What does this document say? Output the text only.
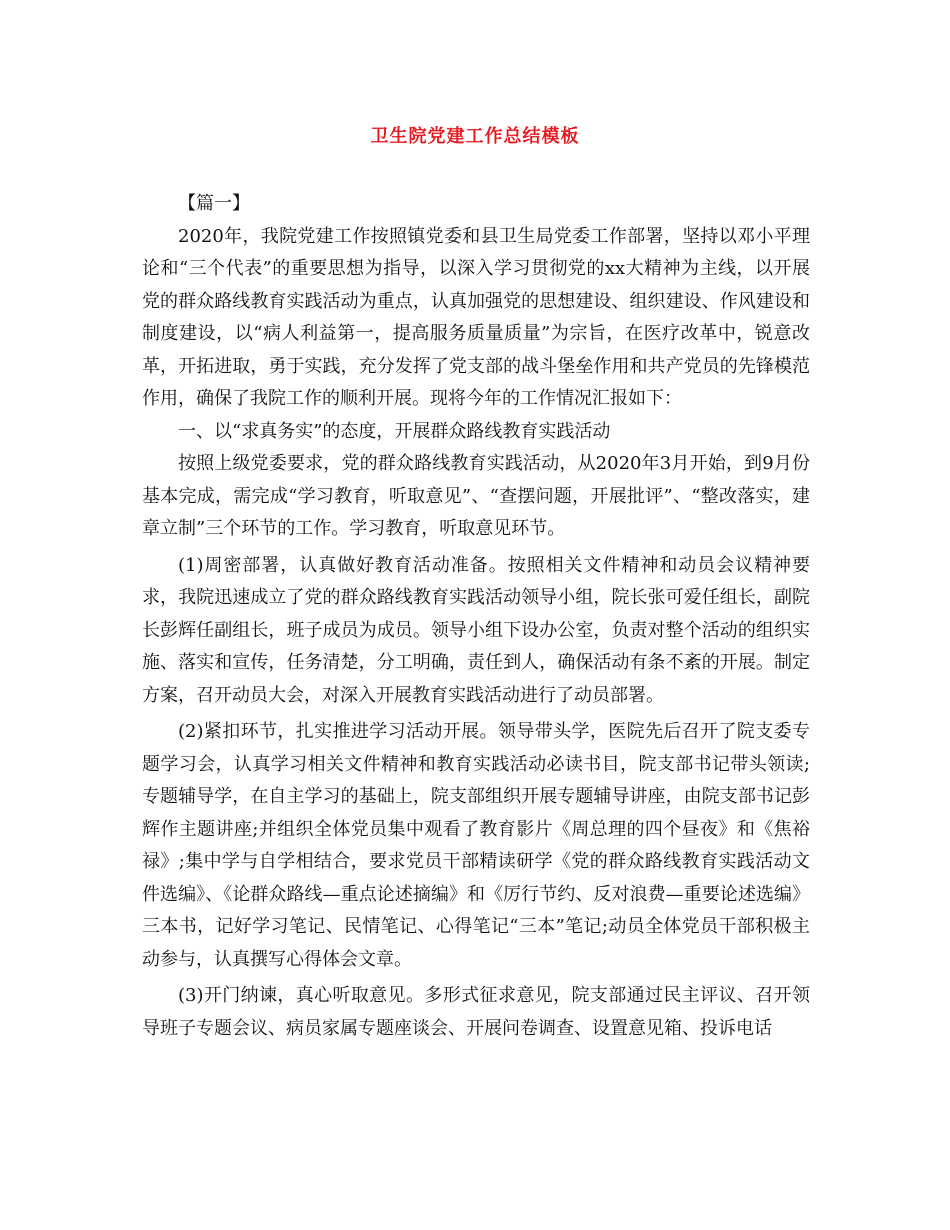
卫生院党建工作总结模板

【篇一】

2020年，我院党建工作按照镇党委和县卫生局党委工作部署，坚持以邓小平理论和“三个代表”的重要思想为指导，以深入学习贯彻党的xx大精神为主线，以开展党的群众路线教育实践活动为重点，认真加强党的思想建设、组织建设、作风建设和制度建设，以“病人利益第一，提高服务质量质量”为宗旨，在医疗改革中，锐意改革，开拓进取，勇于实践，充分发挥了党支部的战斗堡垒作用和共产党员的先锋模范作用，确保了我院工作的顺利开展。现将今年的工作情况汇报如下：

一、以“求真务实”的态度，开展群众路线教育实践活动

按照上级党委要求，党的群众路线教育实践活动，从2020年3月开始，到9月份基本完成，需完成“学习教育，听取意见”、“查摆问题，开展批评”、“整改落实，建章立制”三个环节的工作。学习教育，听取意见环节。

(1)周密部署，认真做好教育活动准备。按照相关文件精神和动员会议精神要求，我院迅速成立了党的群众路线教育实践活动领导小组，院长张可爱任组长，副院长彭辉任副组长，班子成员为成员。领导小组下设办公室，负责对整个活动的组织实施、落实和宣传，任务清楚，分工明确，责任到人，确保活动有条不紊的开展。制定方案，召开动员大会，对深入开展教育实践活动进行了动员部署。

(2)紧扣环节，扎实推进学习活动开展。领导带头学，医院先后召开了院支委专题学习会，认真学习相关文件精神和教育实践活动必读书目，院支部书记带头领读;专题辅导学，在自主学习的基础上，院支部组织开展专题辅导讲座，由院支部书记彭辉作主题讲座;并组织全体党员集中观看了教育影片《周总理的四个昼夜》和《焦裕禄》;集中学与自学相结合，要求党员干部精读研学《党的群众路线教育实践活动文件选编》、《论群众路线—重点论述摘编》和《厉行节约、反对浪费—重要论述选编》三本书，记好学习笔记、民情笔记、心得笔记“三本”笔记;动员全体党员干部积极主动参与，认真撰写心得体会文章。

(3)开门纳谏，真心听取意见。多形式征求意见，院支部通过民主评议、召开领导班子专题会议、病员家属专题座谈会、开展问卷调查、设置意见箱、投诉电话
